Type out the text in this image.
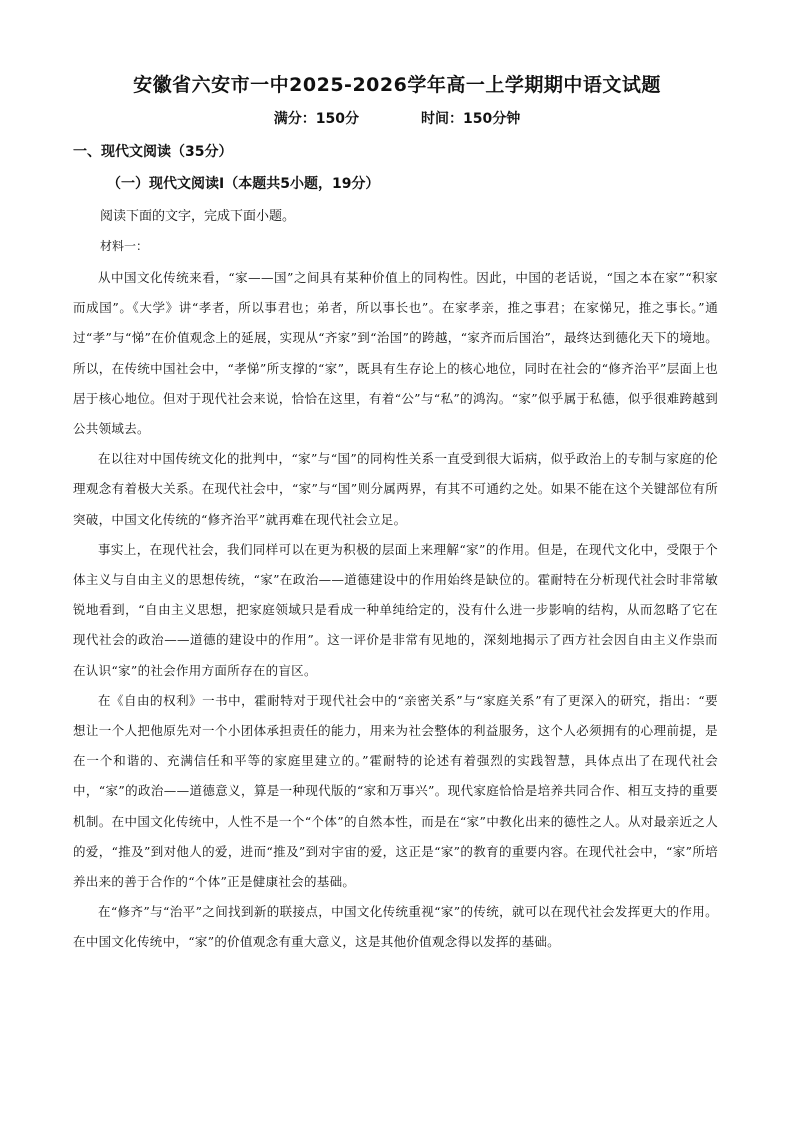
安徽省六安市一中2025-2026学年高一上学期期中语文试题
满分：150分	时间：150分钟
一、现代文阅读（35分）
（一）现代文阅读Ⅰ（本题共5小题，19分）
阅读下面的文字，完成下面小题。
材料一：

从中国文化传统来看，“家——国”之间具有某种价值上的同构性。因此，中国的老话说，“国之本在家”“积家而成国”。《大学》讲“孝者，所以事君也；弟者，所以事长也”。在家孝亲，推之事君；在家悌兄，推之事长。”通过“孝”与“悌”在价值观念上的延展，实现从“齐家”到“治国”的跨越，“家齐而后国治”，最终达到德化天下的境地。所以，在传统中国社会中，“孝悌”所支撑的“家”，既具有生存论上的核心地位，同时在社会的“修齐治平”层面上也居于核心地位。但对于现代社会来说，恰恰在这里，有着“公”与“私”的鸿沟。“家”似乎属于私德，似乎很难跨越到公共领域去。

在以往对中国传统文化的批判中，“家”与“国”的同构性关系一直受到很大诟病，似乎政治上的专制与家庭的伦理观念有着极大关系。在现代社会中，“家”与“国”则分属两界，有其不可通约之处。如果不能在这个关键部位有所突破，中国文化传统的“修齐治平”就再难在现代社会立足。

事实上，在现代社会，我们同样可以在更为积极的层面上来理解“家”的作用。但是，在现代文化中，受限于个体主义与自由主义的思想传统，“家”在政治——道德建设中的作用始终是缺位的。霍耐特在分析现代社会时非常敏锐地看到，“自由主义思想，把家庭领域只是看成一种单纯给定的，没有什么进一步影响的结构，从而忽略了它在现代社会的政治——道德的建设中的作用”。这一评价是非常有见地的，深刻地揭示了西方社会因自由主义作祟而在认识“家”的社会作用方面所存在的盲区。

在《自由的权利》一书中，霍耐特对于现代社会中的“亲密关系”与“家庭关系”有了更深入的研究，指出：“要想让一个人把他原先对一个小团体承担责任的能力，用来为社会整体的利益服务，这个人必须拥有的心理前提，是在一个和谐的、充满信任和平等的家庭里建立的。”霍耐特的论述有着强烈的实践智慧，具体点出了在现代社会中，“家”的政治——道德意义，算是一种现代版的“家和万事兴”。现代家庭恰恰是培养共同合作、相互支持的重要机制。在中国文化传统中，人性不是一个“个体”的自然本性，而是在“家”中教化出来的德性之人。从对最亲近之人的爱，“推及”到对他人的爱，进而“推及”到对宇宙的爱，这正是“家”的教育的重要内容。在现代社会中，“家”所培养出来的善于合作的“个体”正是健康社会的基础。

在“修齐”与“治平”之间找到新的联接点，中国文化传统重视“家”的传统，就可以在现代社会发挥更大的作用。在中国文化传统中，“家”的价值观念有重大意义，这是其他价值观念得以发挥的基础。
